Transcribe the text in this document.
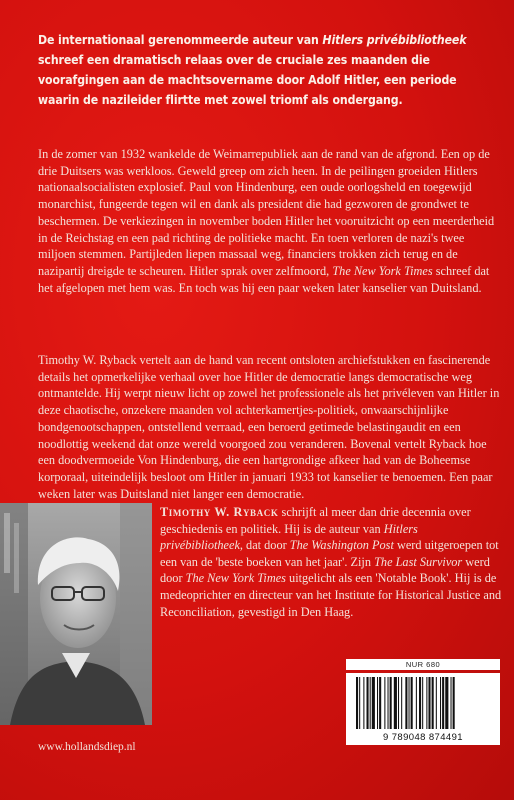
De internationaal gerenommeerde auteur van Hitlers privébibliotheek schreef een dramatisch relaas over de cruciale zes maanden die voorafgingen aan de machtsovername door Adolf Hitler, een periode waarin de nazileider flirtte met zowel triomf als ondergang.

In de zomer van 1932 wankelde de Weimarrepubliek aan de rand van de afgrond. Een op de drie Duitsers was werkloos. Geweld greep om zich heen. In de peilingen groeiden Hitlers nationaalsocialisten explosief. Paul von Hindenburg, een oude oorlogsheld en toegewijd monarchist, fungeerde tegen wil en dank als president die had gezworen de grondwet te beschermen. De verkiezingen in november boden Hitler het vooruitzicht op een meerderheid in de Reichstag en een pad richting de politieke macht. En toen verloren de nazi's twee miljoen stemmen. Partijleden liepen massaal weg, financiers trokken zich terug en de nazipartij dreigde te scheuren. Hitler sprak over zelfmoord, The New York Times schreef dat het afgelopen met hem was. En toch was hij een paar weken later kanselier van Duitsland.

Timothy W. Ryback vertelt aan de hand van recent ontsloten archiefstukken en fascinerende details het opmerkelijke verhaal over hoe Hitler de democratie langs democratische weg ontmantelde. Hij werpt nieuw licht op zowel het professionele als het privéleven van Hitler in deze chaotische, onzekere maanden vol achterkamertjes-politiek, onwaarschijnlijke bondgenootschappen, ontstellend verraad, een beroerd getimede belastingaudit en een noodlottig weekend dat onze wereld voorgoed zou veranderen. Bovenal vertelt Ryback hoe een doodvermoeide Von Hindenburg, die een hartgrondige afkeer had van de Boheemse korporaal, uiteindelijk besloot om Hitler in januari 1933 tot kanselier te benoemen. Een paar weken later was Duitsland niet langer een democratie.

Timothy W. Ryback schrijft al meer dan drie decennia over geschiedenis en politiek. Hij is de auteur van Hitlers privébibliotheek, dat door The Washington Post werd uitgeroepen tot een van de 'beste boeken van het jaar'. Zijn The Last Survivor werd door The New York Times uitgelicht als een 'Notable Book'. Hij is de medeoprichter en directeur van het Institute for Historical Justice and Reconciliation, gevestigd in Den Haag.

NUR 680
9 789048 874491
www.hollandsdiep.nl
